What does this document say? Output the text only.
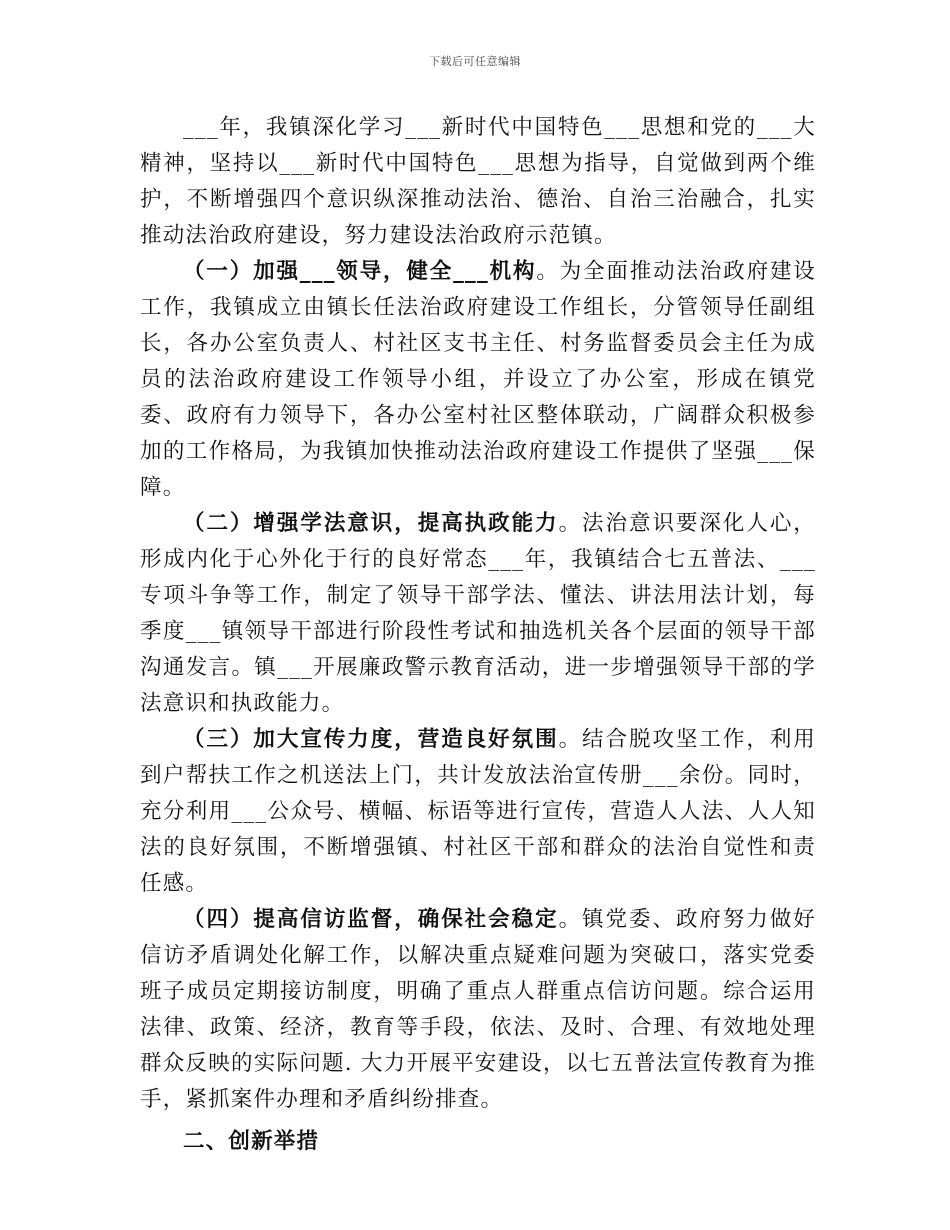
下载后可任意编辑

___年，我镇深化学习___新时代中国特色___思想和党的___大精神，坚持以___新时代中国特色___思想为指导，自觉做到两个维护，不断增强四个意识纵深推动法治、德治、自治三治融合，扎实推动法治政府建设，努力建设法治政府示范镇。

（一）加强___领导，健全___机构。为全面推动法治政府建设工作，我镇成立由镇长任法治政府建设工作组长，分管领导任副组长，各办公室负责人、村社区支书主任、村务监督委员会主任为成员的法治政府建设工作领导小组，并设立了办公室，形成在镇党委、政府有力领导下，各办公室村社区整体联动，广阔群众积极参加的工作格局，为我镇加快推动法治政府建设工作提供了坚强___保障。

（二）增强学法意识，提高执政能力。法治意识要深化人心，形成内化于心外化于行的良好常态___年，我镇结合七五普法、___专项斗争等工作，制定了领导干部学法、懂法、讲法用法计划，每季度___镇领导干部进行阶段性考试和抽选机关各个层面的领导干部沟通发言。镇___开展廉政警示教育活动，进一步增强领导干部的学法意识和执政能力。

（三）加大宣传力度，营造良好氛围。结合脱攻坚工作，利用到户帮扶工作之机送法上门，共计发放法治宣传册___余份。同时，充分利用___公众号、横幅、标语等进行宣传，营造人人法、人人知法的良好氛围，不断增强镇、村社区干部和群众的法治自觉性和责任感。

（四）提高信访监督，确保社会稳定。镇党委、政府努力做好信访矛盾调处化解工作，以解决重点疑难问题为突破口，落实党委班子成员定期接访制度，明确了重点人群重点信访问题。综合运用法律、政策、经济，教育等手段，依法、及时、合理、有效地处理群众反映的实际问题. 大力开展平安建设，以七五普法宣传教育为推手，紧抓案件办理和矛盾纠纷排查。

二、创新举措
